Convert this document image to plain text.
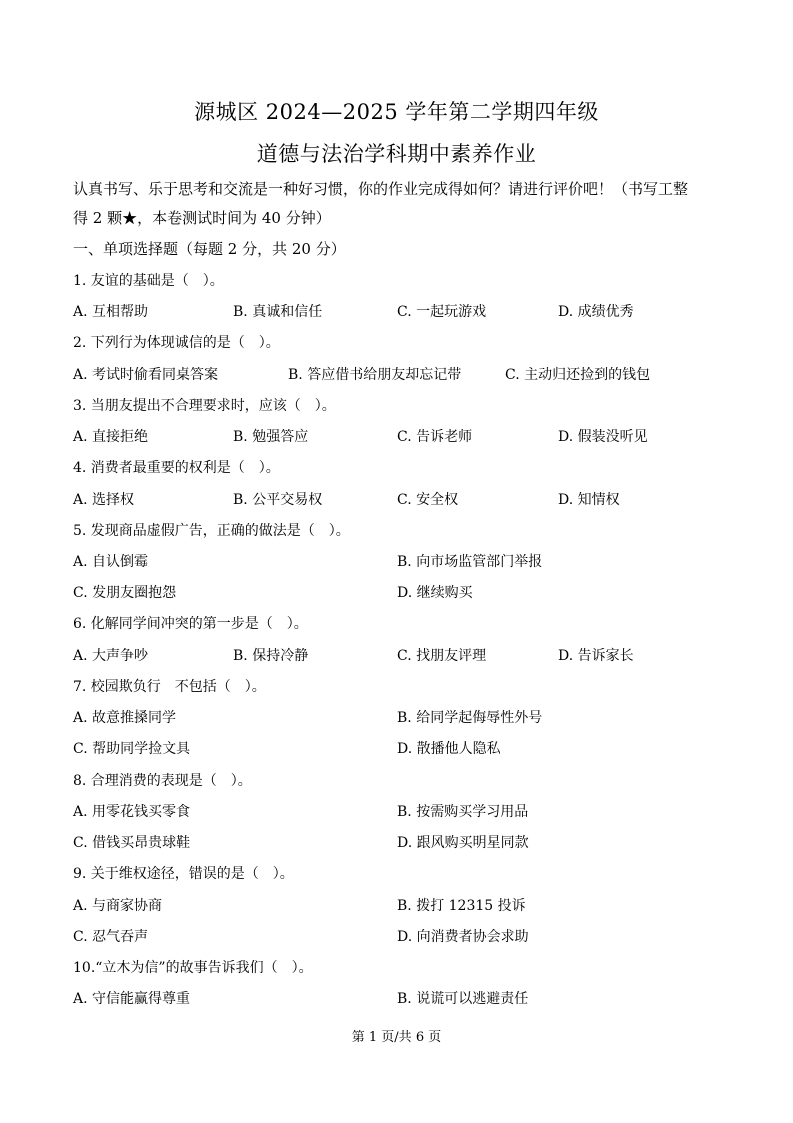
源城区 2024—2025 学年第二学期四年级
道德与法治学科期中素养作业
认真书写、乐于思考和交流是一种好习惯，你的作业完成得如何？请进行评价吧！（书写工整
得 2 颗★，本卷测试时间为 40 分钟）
一、单项选择题（每题 2 分，共 20 分）
1. 友谊的基础是（　）。
A. 互相帮助	B. 真诚和信任	C. 一起玩游戏	D. 成绩优秀
2. 下列行为体现诚信的是（　）。
A. 考试时偷看同桌答案	B. 答应借书给朋友却忘记带	C. 主动归还捡到的钱包
3. 当朋友提出不合理要求时，应该（　）。
A. 直接拒绝	B. 勉强答应	C. 告诉老师	D. 假装没听见
4. 消费者最重要的权利是（　）。
A. 选择权	B. 公平交易权	C. 安全权	D. 知情权
5. 发现商品虚假广告，正确的做法是（　）。
A. 自认倒霉	B. 向市场监管部门举报
C. 发朋友圈抱怨	D. 继续购买
6. 化解同学间冲突的第一步是（　）。
A. 大声争吵	B. 保持冷静	C. 找朋友评理	D. 告诉家长
7. 校园欺负行　不包括（　）。
A. 故意推搡同学	B. 给同学起侮辱性外号
C. 帮助同学捡文具	D. 散播他人隐私
8. 合理消费的表现是（　）。
A. 用零花钱买零食	B. 按需购买学习用品
C. 借钱买昂贵球鞋	D. 跟风购买明星同款
9. 关于维权途径，错误的是（　）。
A. 与商家协商	B. 拨打 12315 投诉
C. 忍气吞声	D. 向消费者协会求助
10.“立木为信”的故事告诉我们（　）。
A. 守信能赢得尊重	B. 说谎可以逃避责任
第 1 页/共 6 页
